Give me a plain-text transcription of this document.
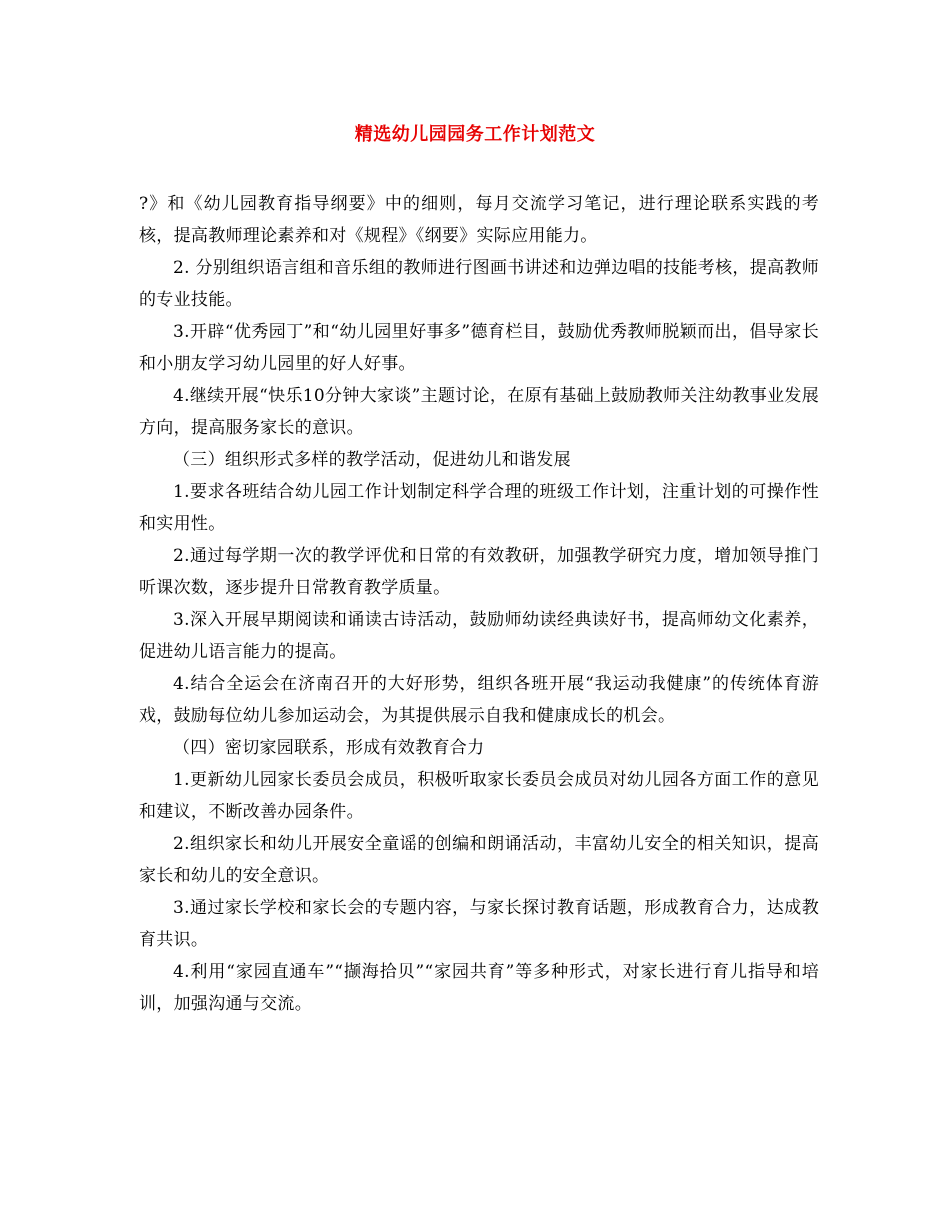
精选幼儿园园务工作计划范文

?》和《幼儿园教育指导纲要》中的细则，每月交流学习笔记，进行理论联系实践的考核，提高教师理论素养和对《规程》《纲要》实际应用能力。

2. 分别组织语言组和音乐组的教师进行图画书讲述和边弹边唱的技能考核，提高教师的专业技能。

3.开辟“优秀园丁”和“幼儿园里好事多”德育栏目，鼓励优秀教师脱颖而出，倡导家长和小朋友学习幼儿园里的好人好事。

4.继续开展“快乐10分钟大家谈”主题讨论，在原有基础上鼓励教师关注幼教事业发展方向，提高服务家长的意识。

（三）组织形式多样的教学活动，促进幼儿和谐发展

1.要求各班结合幼儿园工作计划制定科学合理的班级工作计划，注重计划的可操作性和实用性。

2.通过每学期一次的教学评优和日常的有效教研，加强教学研究力度，增加领导推门听课次数，逐步提升日常教育教学质量。

3.深入开展早期阅读和诵读古诗活动，鼓励师幼读经典读好书，提高师幼文化素养，促进幼儿语言能力的提高。

4.结合全运会在济南召开的大好形势，组织各班开展“我运动我健康”的传统体育游戏，鼓励每位幼儿参加运动会，为其提供展示自我和健康成长的机会。

（四）密切家园联系，形成有效教育合力

1.更新幼儿园家长委员会成员，积极听取家长委员会成员对幼儿园各方面工作的意见和建议，不断改善办园条件。

2.组织家长和幼儿开展安全童谣的创编和朗诵活动，丰富幼儿安全的相关知识，提高家长和幼儿的安全意识。

3.通过家长学校和家长会的专题内容，与家长探讨教育话题，形成教育合力，达成教育共识。

4.利用“家园直通车”“撷海拾贝”“家园共育”等多种形式，对家长进行育儿指导和培训，加强沟通与交流。
